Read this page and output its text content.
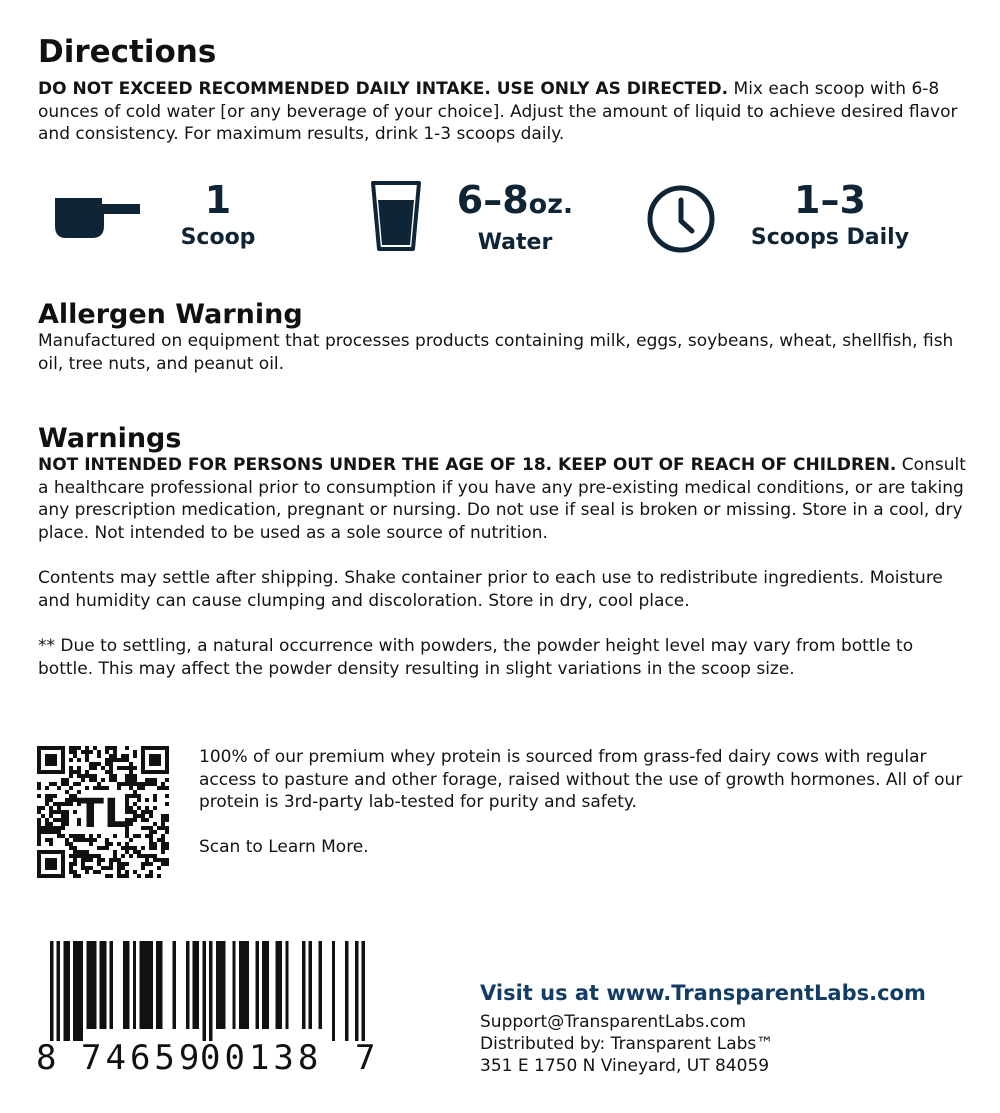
Directions

DO NOT EXCEED RECOMMENDED DAILY INTAKE. USE ONLY AS DIRECTED. Mix each scoop with 6-8 ounces of cold water [or any beverage of your choice]. Adjust the amount of liquid to achieve desired flavor and consistency. For maximum results, drink 1-3 scoops daily.

1
Scoop
6–8oz.
Water
1–3
Scoops Daily
Allergen Warning

Manufactured on equipment that processes products containing milk, eggs, soybeans, wheat, shellfish, fish oil, tree nuts, and peanut oil.

Warnings

NOT INTENDED FOR PERSONS UNDER THE AGE OF 18. KEEP OUT OF REACH OF CHILDREN. Consult a healthcare professional prior to consumption if you have any pre-existing medical conditions, or are taking any prescription medication, pregnant or nursing. Do not use if seal is broken or missing. Store in a cool, dry place. Not intended to be used as a sole source of nutrition.

Contents may settle after shipping. Shake container prior to each use to redistribute ingredients. Moisture and humidity can cause clumping and discoloration. Store in dry, cool place.

** Due to settling, a natural occurrence with powders, the powder height level may vary from bottle to bottle. This may affect the powder density resulting in slight variations in the scoop size.

TL

100% of our premium whey protein is sourced from grass-fed dairy cows with regular access to pasture and other forage, raised without the use of growth hormones. All of our protein is 3rd-party lab-tested for purity and safety.

Scan to Learn More.

8 74659
00138 7

Visit us at www.TransparentLabs.com

Support@TransparentLabs.com

Distributed by: Transparent Labs™

351 E 1750 N Vineyard, UT 84059
